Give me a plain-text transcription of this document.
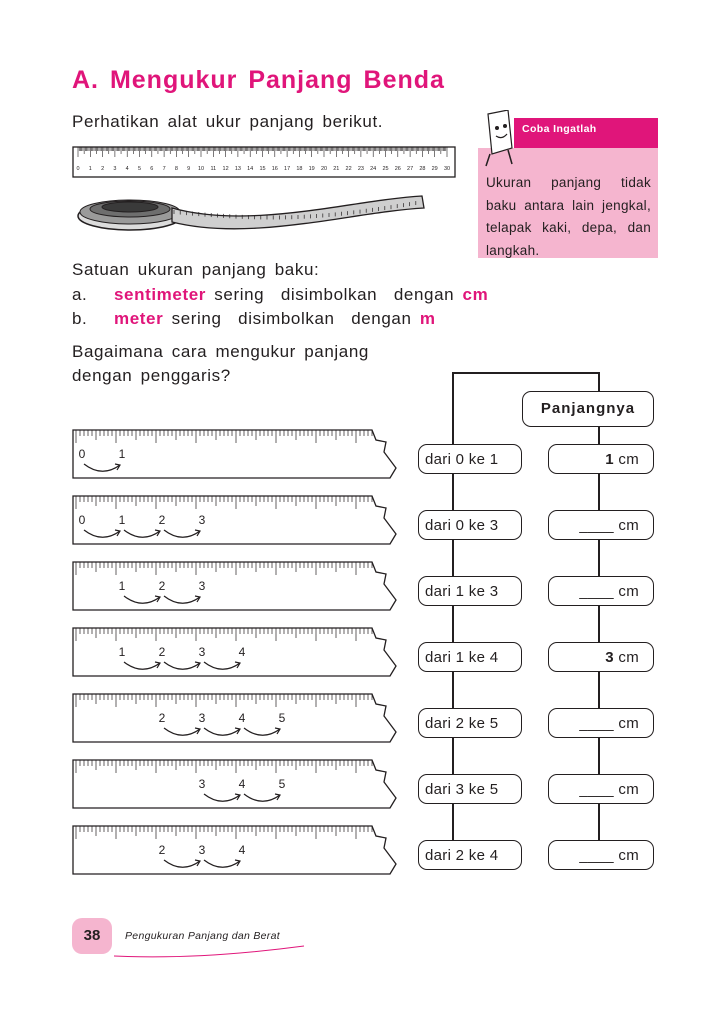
A. Mengukur Panjang Benda
Perhatikan alat ukur panjang berikut.
0 1 2 3 4 5 6 7 8 9 10 11 12 13 14 15 16 17 18 19 20 21 22 23 24 25 26 27 28 29 30
Coba Ingatlah
Ukuran panjang tidak baku antara lain jengkal, telapak kaki, depa, dan langkah.
Satuan ukuran panjang baku:
a. sentimeter sering  disimbolkan  dengan cm
b. meter sering  disimbolkan  dengan m
Bagaimana cara mengukur panjang
dengan penggaris?
Panjangnya
0	1	dari 0 ke 1	1 cm
0	1	2	3	dari 0 ke 3	____ cm
1	2	3	dari 1 ke 3	____ cm
1	2	3	4	dari 1 ke 4	3 cm
2	3	4	5	dari 2 ke 5	____ cm
3	4	5	dari 3 ke 5	____ cm
2	3	4	dari 2 ke 4	____ cm
38	Pengukuran Panjang dan Berat
